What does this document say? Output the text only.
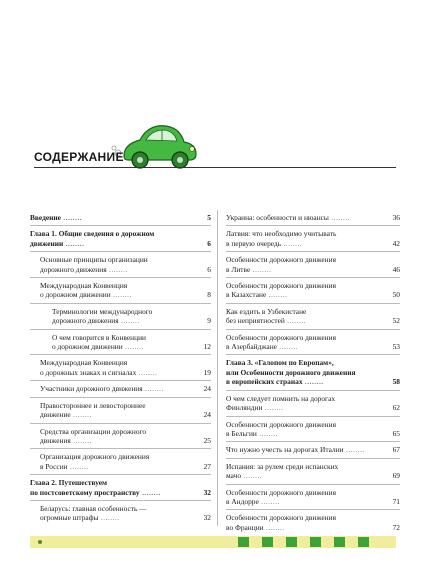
СОДЕРЖАНИЕ
Введение ........	5
Глава 1. Общие сведения о дорожном
движении ........	6
Основные принципы организации
дорожного движения ........	6
Международная Конвенция
о дорожном движении ........	8
Терминологии международного
дорожного движения ........	9
О чем говорится в Конвенции
о дорожном движении ........	12
Международная Конвенция
о дорожных знаках и сигналах ........	19
Участники дорожного движения ........	24
Правостороннее и левостороннее
движение ........	24
Средства организации дорожного
движения ........	25
Организация дорожного движения
в России ........	27
Глава 2. Путешествуем
по постсоветскому пространству ........	32
Беларусь: главная особенность —
огромные штрафы ........	32
Украина: особенности и нюансы ........	36
Латвия: что необходимо учитывать
в первую очередь ........	42
Особенности дорожного движения
в Литве ........	46
Особенности дорожного движения
в Казахстане ........	50
Как ездить в Узбекистане
без неприятностей ........	52
Особенности дорожного движения
в Азербайджане ........	53
Глава 3. «Галопом по Европам»,
или Особенности дорожного движения
в европейских странах ........	58
О чем следует помнить на дорогах
Финляндии ........	62
Особенности дорожного движения
в Бельгии ........	65
Что нужно учесть на дорогах Италии ........	67
Испания: за рулем среди испанских
мачо ........	69
Особенности дорожного движения
в Андорре ........	71
Особенности дорожного движения
во Франции ........	72
